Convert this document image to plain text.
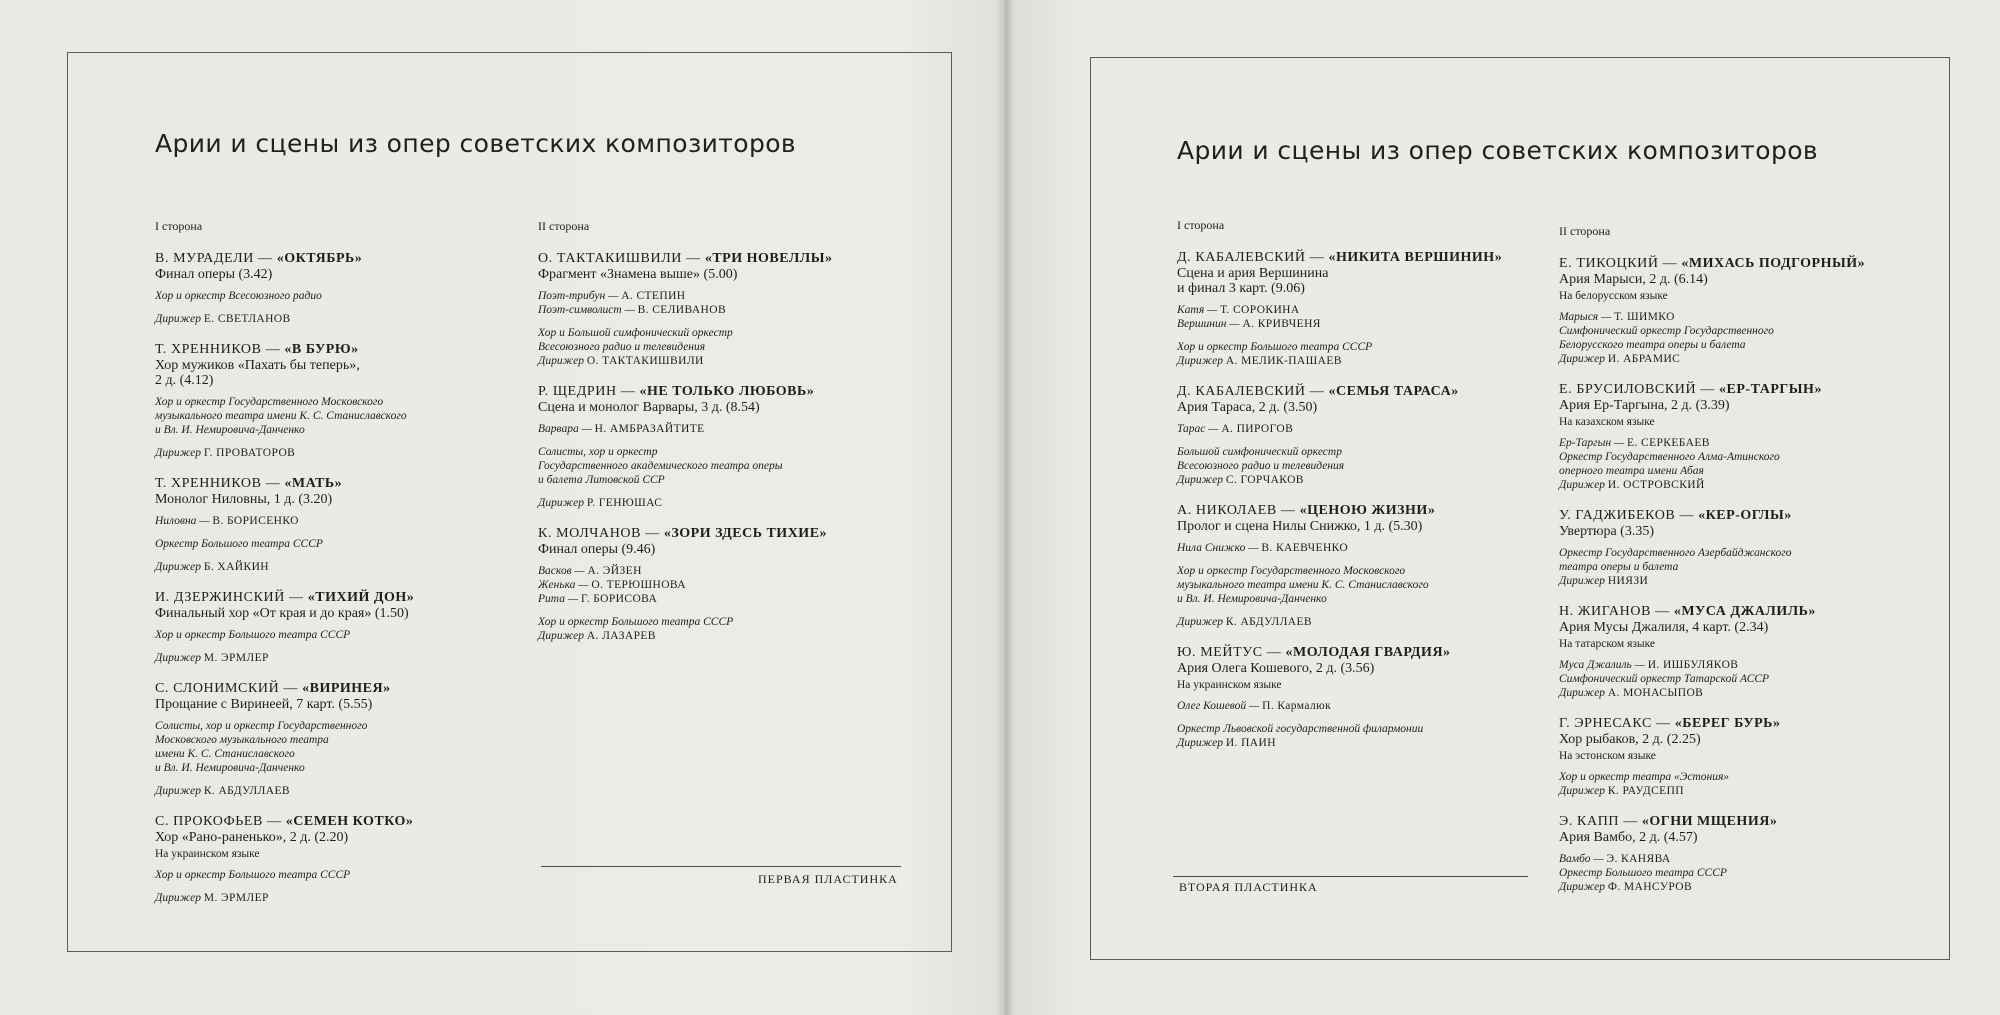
Арии и сцены из опер советских композиторов
I сторона
В. МУРАДЕЛИ — «ОКТЯБРЬ»
Финал оперы (3.42)
Хор и оркестр Всесоюзного радио
Дирижер Е. СВЕТЛАНОВ
Т. ХРЕННИКОВ — «В БУРЮ»
Хор мужиков «Пахать бы теперь»,
2 д. (4.12)
Хор и оркестр Государственного Московского
музыкального театра имени К. С. Станиславского
и Вл. И. Немировича-Данченко
Дирижер Г. ПРОВАТОРОВ
Т. ХРЕННИКОВ — «МАТЬ»
Монолог Ниловны, 1 д. (3.20)
Ниловна — В. БОРИСЕНКО
Оркестр Большого театра СССР
Дирижер Б. ХАЙКИН
И. ДЗЕРЖИНСКИЙ — «ТИХИЙ ДОН»
Финальный хор «От края и до края» (1.50)
Хор и оркестр Большого театра СССР
Дирижер М. ЭРМЛЕР
С. СЛОНИМСКИЙ — «ВИРИНЕЯ»
Прощание с Виринеей, 7 карт. (5.55)
Солисты, хор и оркестр Государственного
Московского музыкального театра
имени К. С. Станиславского
и Вл. И. Немировича-Данченко
Дирижер К. АБДУЛЛАЕВ
С. ПРОКОФЬЕВ — «СЕМЕН КОТКО»
Хор «Рано-раненько», 2 д. (2.20)
На украинском языке
Хор и оркестр Большого театра СССР
Дирижер М. ЭРМЛЕР
II сторона
О. ТАКТАКИШВИЛИ — «ТРИ НОВЕЛЛЫ»
Фрагмент «Знамена выше» (5.00)
Поэт-трибун — А. СТЕПИН
Поэт-символист — В. СЕЛИВАНОВ
Хор и Большой симфонический оркестр
Всесоюзного радио и телевидения
Дирижер О. ТАКТАКИШВИЛИ
Р. ЩЕДРИН — «НЕ ТОЛЬКО ЛЮБОВЬ»
Сцена и монолог Варвары, 3 д. (8.54)
Варвара — Н. АМБРАЗАЙТИТЕ
Солисты, хор и оркестр
Государственного академического театра оперы
и балета Литовской ССР
Дирижер Р. ГЕНЮШАС
К. МОЛЧАНОВ — «ЗОРИ ЗДЕСЬ ТИХИЕ»
Финал оперы (9.46)
Васков — А. ЭЙЗЕН
Женька — О. ТЕРЮШНОВА
Рита — Г. БОРИСОВА
Хор и оркестр Большого театра СССР
Дирижер А. ЛАЗАРЕВ
ПЕРВАЯ ПЛАСТИНКА
Арии и сцены из опер советских композиторов
I сторона
Д. КАБАЛЕВСКИЙ — «НИКИТА ВЕРШИНИН»
Сцена и ария Вершинина
и финал 3 карт. (9.06)
Катя — Т. СОРОКИНА
Вершинин — А. КРИВЧЕНЯ
Хор и оркестр Большого театра СССР
Дирижер А. МЕЛИК-ПАШАЕВ
Д. КАБАЛЕВСКИЙ — «СЕМЬЯ ТАРАСА»
Ария Тараса, 2 д. (3.50)
Тарас — А. ПИРОГОВ
Большой симфонический оркестр
Всесоюзного радио и телевидения
Дирижер С. ГОРЧАКОВ
А. НИКОЛАЕВ — «ЦЕНОЮ ЖИЗНИ»
Пролог и сцена Нилы Снижко, 1 д. (5.30)
Нила Снижко — В. КАЕВЧЕНКО
Хор и оркестр Государственного Московского
музыкального театра имени К. С. Станиславского
и Вл. И. Немировича-Данченко
Дирижер К. АБДУЛЛАЕВ
Ю. МЕЙТУС — «МОЛОДАЯ ГВАРДИЯ»
Ария Олега Кошевого, 2 д. (3.56)
На украинском языке
Олег Кошевой — П. Кармалюк
Оркестр Львовской государственной филармонии
Дирижер И. ПАИН
II сторона
Е. ТИКОЦКИЙ — «МИХАСЬ ПОДГОРНЫЙ»
Ария Марыси, 2 д. (6.14)
На белорусском языке
Марыся — Т. ШИМКО
Симфонический оркестр Государственного
Белорусского театра оперы и балета
Дирижер И. АБРАМИС
Е. БРУСИЛОВСКИЙ — «ЕР-ТАРГЫН»
Ария Ер-Таргына, 2 д. (3.39)
На казахском языке
Ер-Таргын — Е. СЕРКЕБАЕВ
Оркестр Государственного Алма-Атинского
оперного театра имени Абая
Дирижер И. ОСТРОВСКИЙ
У. ГАДЖИБЕКОВ — «КЕР-ОГЛЫ»
Увертюра (3.35)
Оркестр Государственного Азербайджанского
театра оперы и балета
Дирижер НИЯЗИ
Н. ЖИГАНОВ — «МУСА ДЖАЛИЛЬ»
Ария Мусы Джалиля, 4 карт. (2.34)
На татарском языке
Муса Джалиль — И. ИШБУЛЯКОВ
Симфонический оркестр Татарской АССР
Дирижер А. МОНАСЫПОВ
Г. ЭРНЕСАКС — «БЕРЕГ БУРЬ»
Хор рыбаков, 2 д. (2.25)
На эстонском языке
Хор и оркестр театра «Эстония»
Дирижер К. РАУДСЕПП
Э. КАПП — «ОГНИ МЩЕНИЯ»
Ария Вамбо, 2 д. (4.57)
Вамбо — Э. КАНЯВА
Оркестр Большого театра СССР
Дирижер Ф. МАНСУРОВ
ВТОРАЯ ПЛАСТИНКА
